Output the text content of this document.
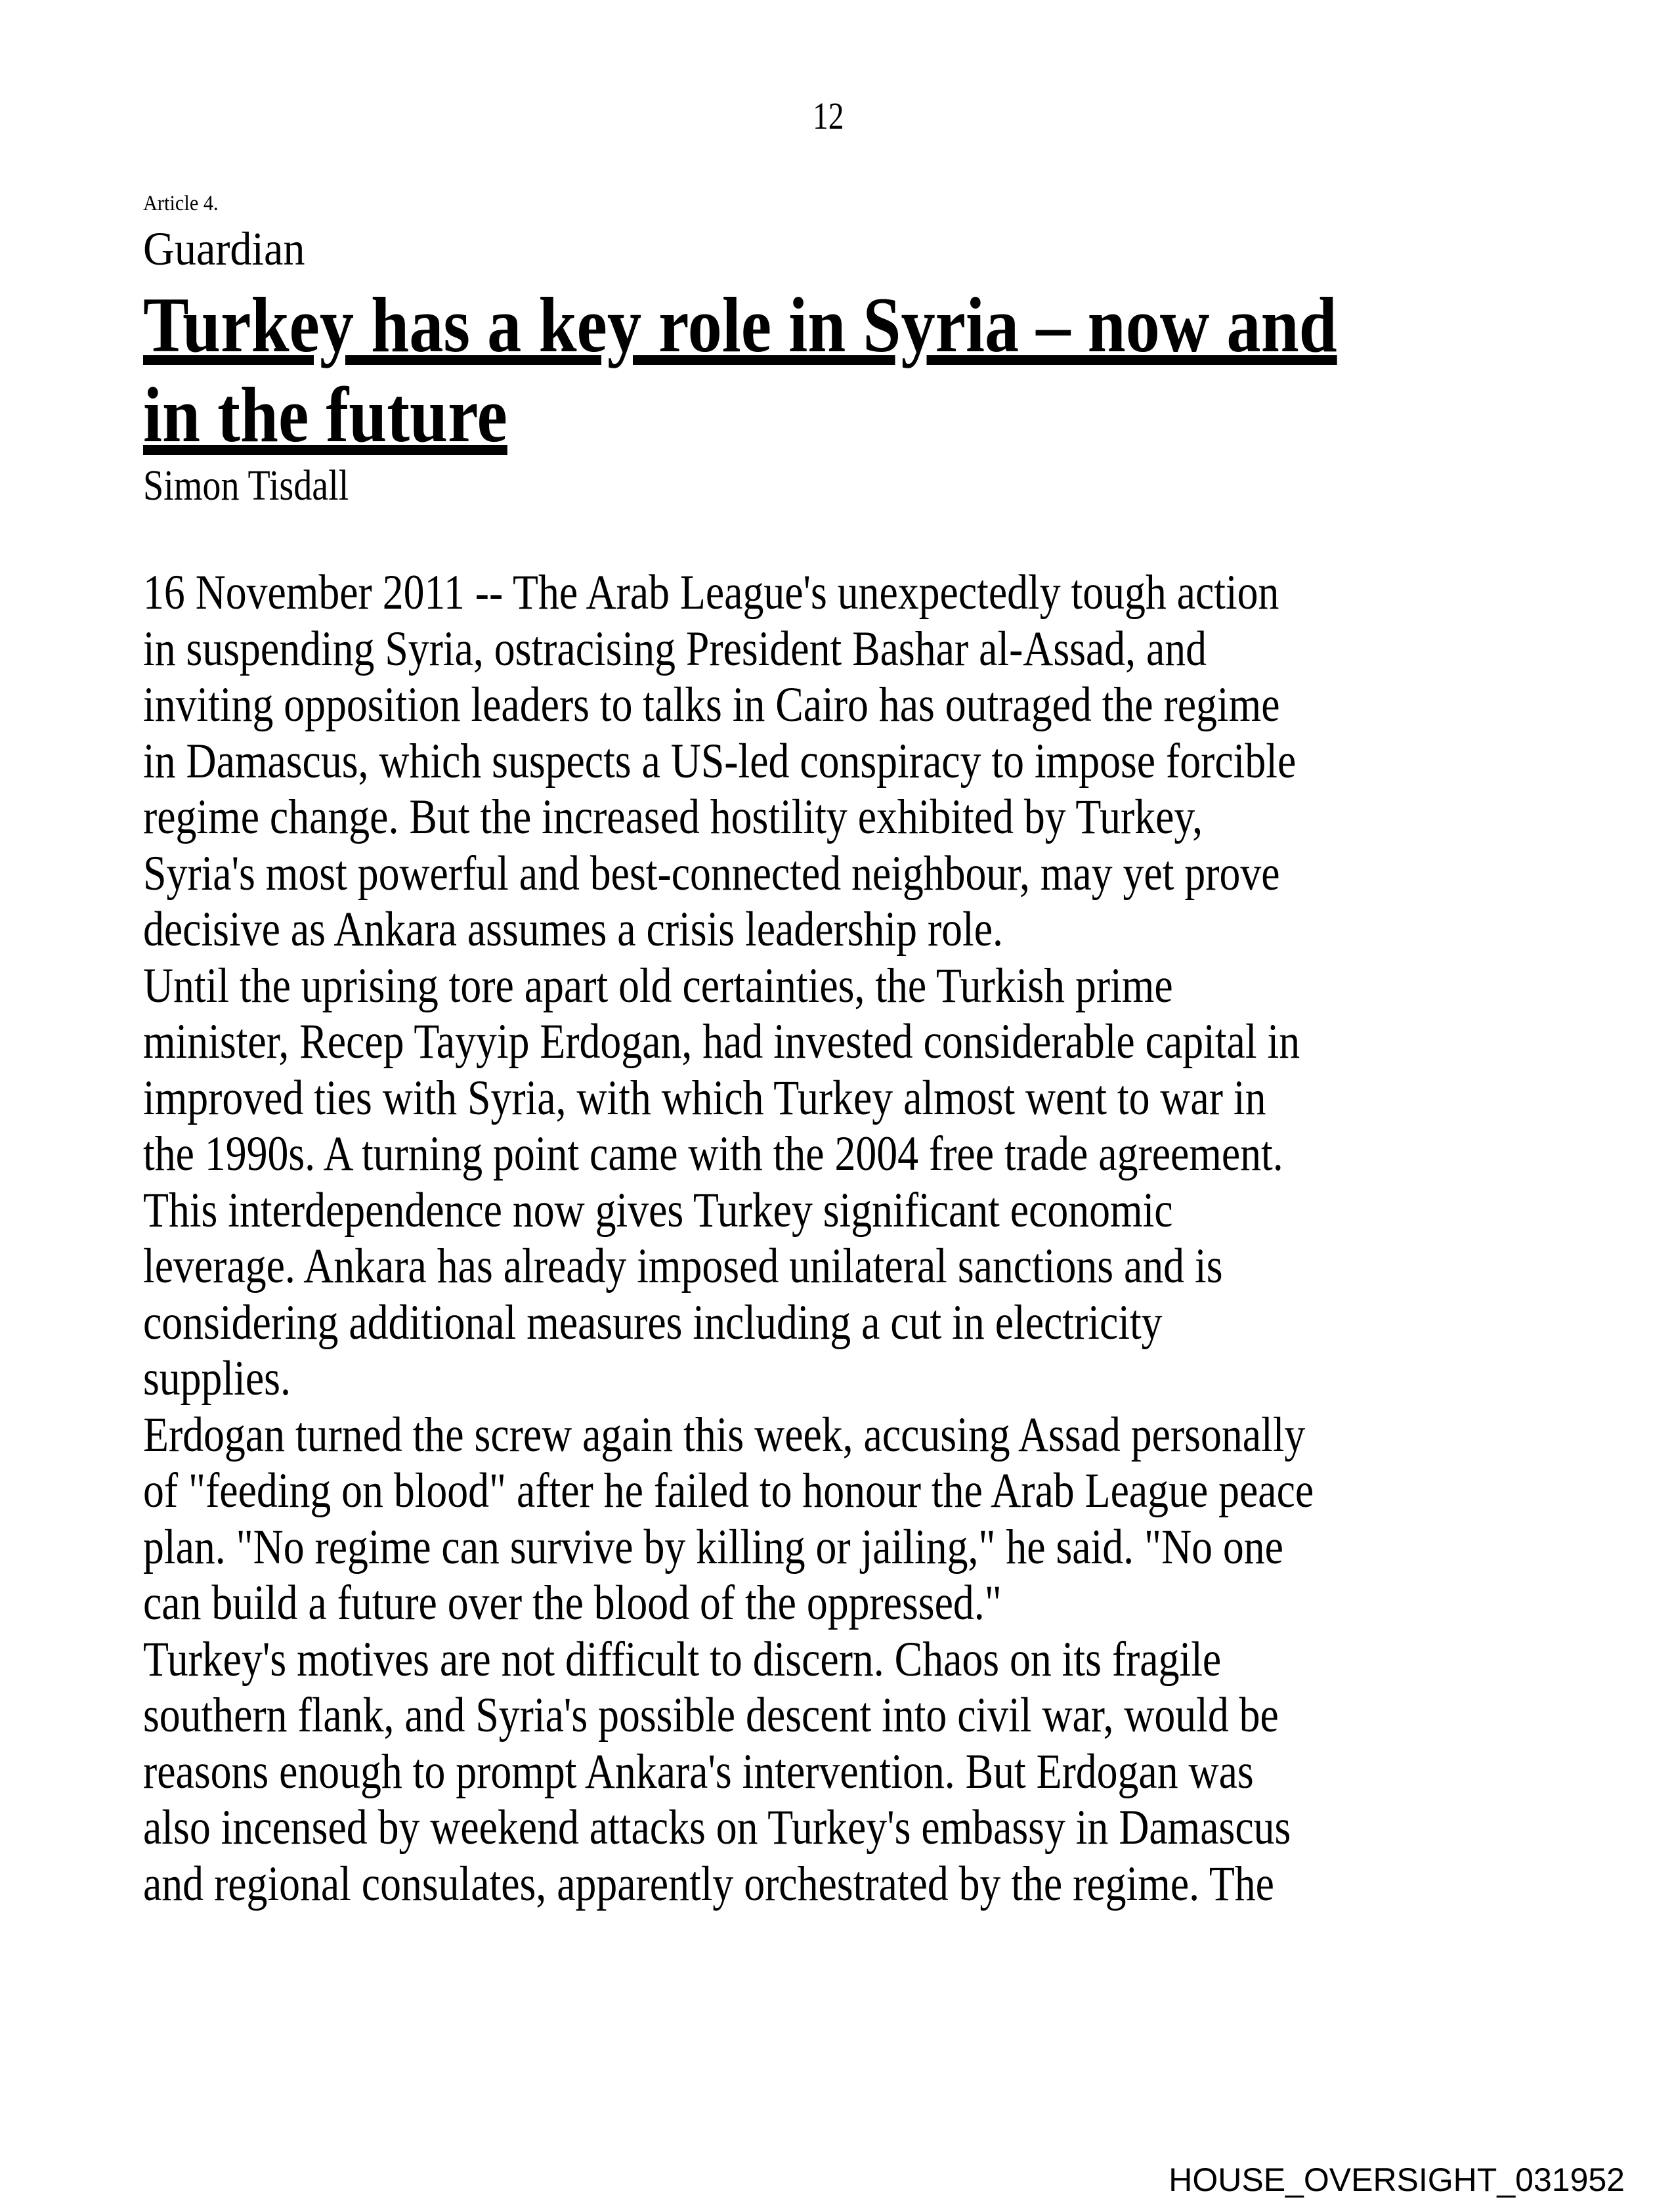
12
Article 4.
Guardian
Turkey has a key role in Syria – now and
in the future
Simon Tisdall
16 November 2011 -- The Arab League's unexpectedly tough action
in suspending Syria, ostracising President Bashar al-Assad, and
inviting opposition leaders to talks in Cairo has outraged the regime
in Damascus, which suspects a US-led conspiracy to impose forcible
regime change. But the increased hostility exhibited by Turkey,
Syria's most powerful and best-connected neighbour, may yet prove
decisive as Ankara assumes a crisis leadership role.
Until the uprising tore apart old certainties, the Turkish prime
minister, Recep Tayyip Erdogan, had invested considerable capital in
improved ties with Syria, with which Turkey almost went to war in
the 1990s. A turning point came with the 2004 free trade agreement.
This interdependence now gives Turkey significant economic
leverage. Ankara has already imposed unilateral sanctions and is
considering additional measures including a cut in electricity
supplies.
Erdogan turned the screw again this week, accusing Assad personally
of "feeding on blood" after he failed to honour the Arab League peace
plan. "No regime can survive by killing or jailing," he said. "No one
can build a future over the blood of the oppressed."
Turkey's motives are not difficult to discern. Chaos on its fragile
southern flank, and Syria's possible descent into civil war, would be
reasons enough to prompt Ankara's intervention. But Erdogan was
also incensed by weekend attacks on Turkey's embassy in Damascus
and regional consulates, apparently orchestrated by the regime. The
HOUSE_OVERSIGHT_031952
